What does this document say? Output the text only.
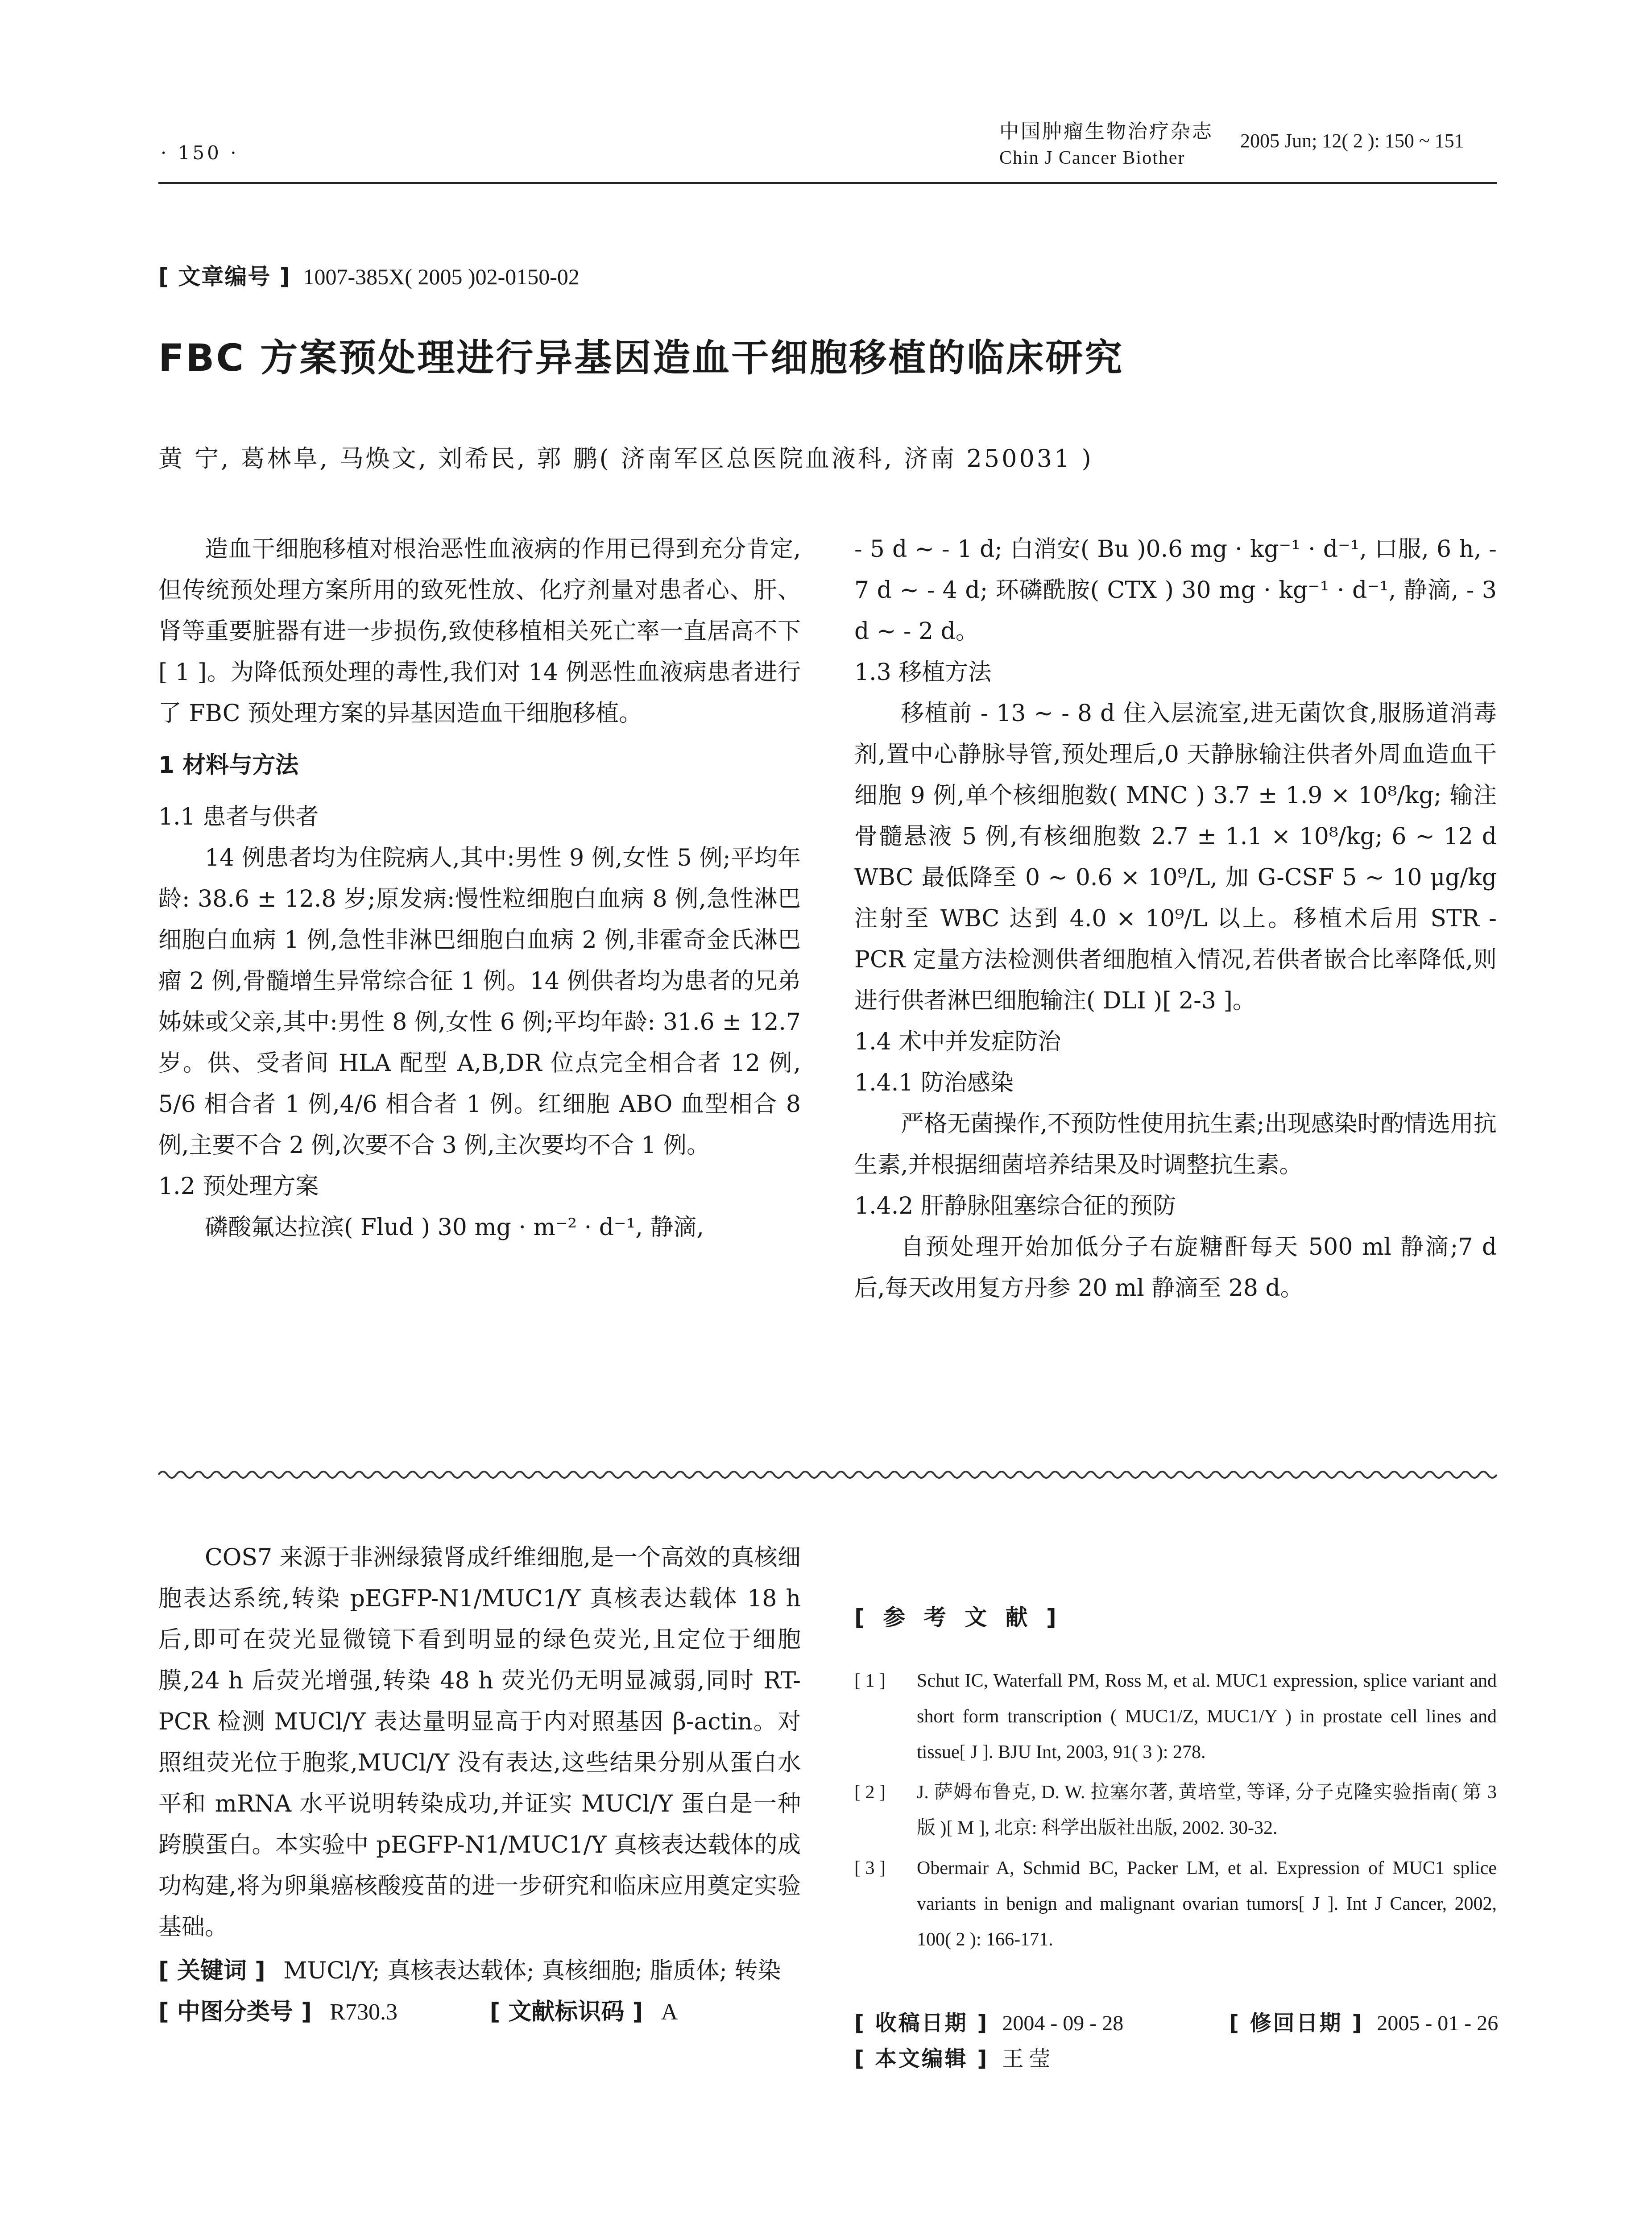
· 150 ·
中国肿瘤生物治疗杂志
Chin J Cancer Biother
2005 Jun; 12( 2 ): 150 ~ 151
[ 文章编号 ] 1007-385X( 2005 )02-0150-02
FBC 方案预处理进行异基因造血干细胞移植的临床研究
黄 宁, 葛林阜, 马焕文, 刘希民, 郭 鹏( 济南军区总医院血液科, 济南 250031 )

造血干细胞移植对根治恶性血液病的作用已得到充分肯定,但传统预处理方案所用的致死性放、化疗剂量对患者心、肝、肾等重要脏器有进一步损伤,致使移植相关死亡率一直居高不下[ 1 ]。为降低预处理的毒性,我们对 14 例恶性血液病患者进行了 FBC 预处理方案的异基因造血干细胞移植。

1 材料与方法

1.1 患者与供者

14 例患者均为住院病人,其中:男性 9 例,女性 5 例;平均年龄: 38.6 ± 12.8 岁;原发病:慢性粒细胞白血病 8 例,急性淋巴细胞白血病 1 例,急性非淋巴细胞白血病 2 例,非霍奇金氏淋巴瘤 2 例,骨髓增生异常综合征 1 例。14 例供者均为患者的兄弟姊妹或父亲,其中:男性 8 例,女性 6 例;平均年龄: 31.6 ± 12.7 岁。供、受者间 HLA 配型 A,B,DR 位点完全相合者 12 例, 5/6 相合者 1 例,4/6 相合者 1 例。红细胞 ABO 血型相合 8 例,主要不合 2 例,次要不合 3 例,主次要均不合 1 例。

1.2 预处理方案

磷酸氟达拉滨( Flud ) 30 mg · m⁻² · d⁻¹, 静滴,

- 5 d ~ - 1 d; 白消安( Bu )0.6 mg · kg⁻¹ · d⁻¹, 口服, 6 h, - 7 d ~ - 4 d; 环磷酰胺( CTX ) 30 mg · kg⁻¹ · d⁻¹, 静滴, - 3 d ~ - 2 d。

1.3 移植方法

移植前 - 13 ~ - 8 d 住入层流室,进无菌饮食,服肠道消毒剂,置中心静脉导管,预处理后,0 天静脉输注供者外周血造血干细胞 9 例,单个核细胞数( MNC ) 3.7 ± 1.9 × 10⁸/kg; 输注骨髓悬液 5 例,有核细胞数 2.7 ± 1.1 × 10⁸/kg; 6 ~ 12 d WBC 最低降至 0 ~ 0.6 × 10⁹/L, 加 G-CSF 5 ~ 10 μg/kg 注射至 WBC 达到 4.0 × 10⁹/L 以上。移植术后用 STR - PCR 定量方法检测供者细胞植入情况,若供者嵌合比率降低,则进行供者淋巴细胞输注( DLI )[ 2-3 ]。

1.4 术中并发症防治

1.4.1 防治感染

严格无菌操作,不预防性使用抗生素;出现感染时酌情选用抗生素,并根据细菌培养结果及时调整抗生素。

1.4.2 肝静脉阻塞综合征的预防

自预处理开始加低分子右旋糖酐每天 500 ml 静滴;7 d 后,每天改用复方丹参 20 ml 静滴至 28 d。

COS7 来源于非洲绿猿肾成纤维细胞,是一个高效的真核细胞表达系统,转染 pEGFP-N1/MUC1/Y 真核表达载体 18 h 后,即可在荧光显微镜下看到明显的绿色荧光,且定位于细胞膜,24 h 后荧光增强,转染 48 h 荧光仍无明显减弱,同时 RT-PCR 检测 MUCl/Y 表达量明显高于内对照基因 β-actin。对照组荧光位于胞浆,MUCl/Y 没有表达,这些结果分别从蛋白水平和 mRNA 水平说明转染成功,并证实 MUCl/Y 蛋白是一种跨膜蛋白。本实验中 pEGFP-N1/MUC1/Y 真核表达载体的成功构建,将为卵巢癌核酸疫苗的进一步研究和临床应用奠定实验基础。

[ 关键词 ] MUCl/Y; 真核表达载体; 真核细胞; 脂质体; 转染

[ 中图分类号 ] R730.3	[ 文献标识码 ] A

[ 参 考 文 献 ]
[ 1 ] Schut IC, Waterfall PM, Ross M, et al. MUC1 expression, splice variant and short form transcription ( MUC1/Z, MUC1/Y ) in prostate cell lines and tissue[ J ]. BJU Int, 2003, 91( 3 ): 278.
[ 2 ] J. 萨姆布鲁克, D. W. 拉塞尔著, 黄培堂, 等译, 分子克隆实验指南( 第 3 版 )[ M ], 北京: 科学出版社出版, 2002. 30-32.
[ 3 ] Obermair A, Schmid BC, Packer LM, et al. Expression of MUC1 splice variants in benign and malignant ovarian tumors[ J ]. Int J Cancer, 2002, 100( 2 ): 166-171.
[ 收稿日期 ] 2004 - 09 - 28	[ 修回日期 ] 2005 - 01 - 26
[ 本文编辑 ] 王 莹
